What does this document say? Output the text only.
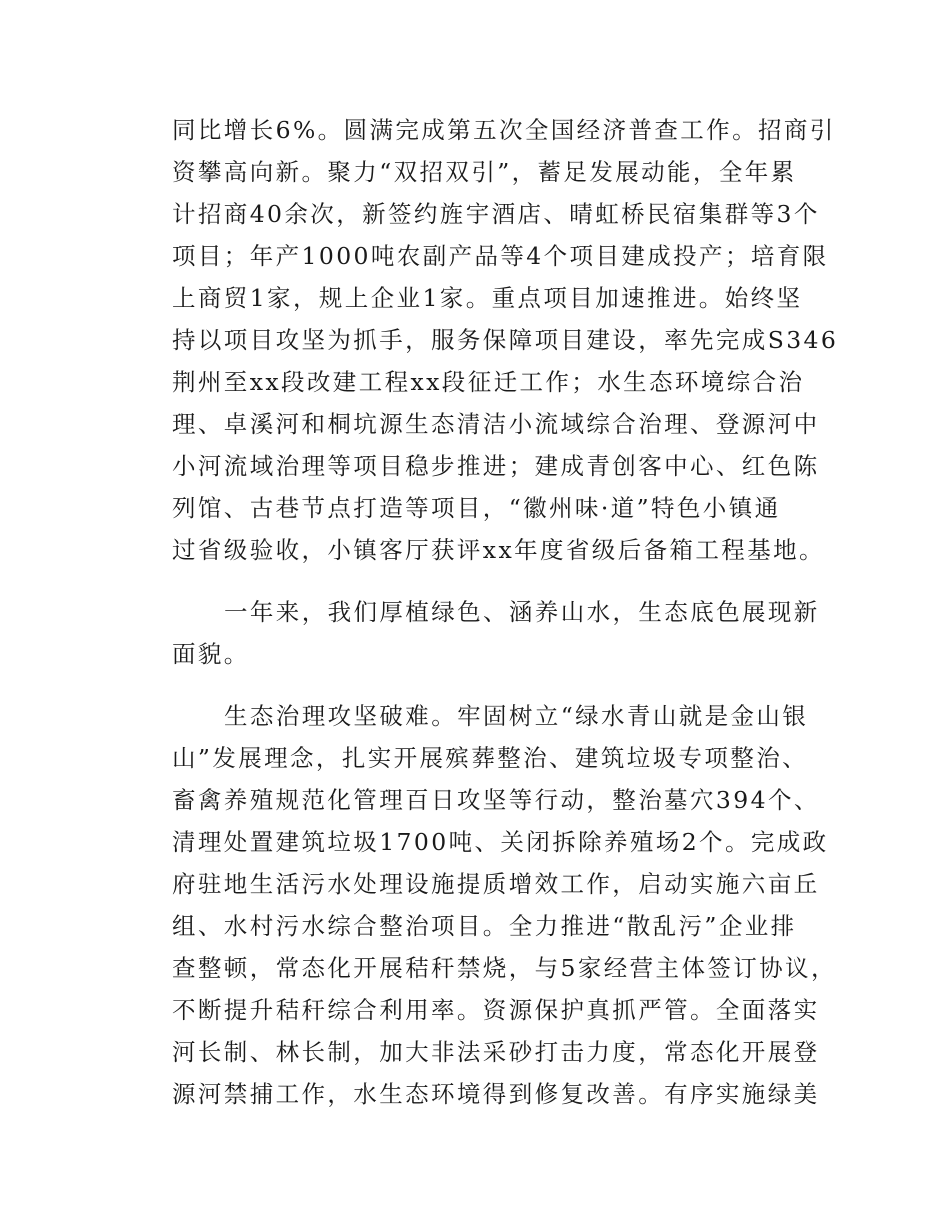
同比增长6%。圆满完成第五次全国经济普查工作。招商引
资攀高向新。聚力“双招双引”，蓄足发展动能，全年累
计招商40余次，新签约旌宇酒店、晴虹桥民宿集群等3个
项目；年产1000吨农副产品等4个项目建成投产；培育限
上商贸1家，规上企业1家。重点项目加速推进。始终坚
持以项目攻坚为抓手，服务保障项目建设，率先完成S346
荆州至xx段改建工程xx段征迁工作；水生态环境综合治
理、卓溪河和桐坑源生态清洁小流域综合治理、登源河中
小河流域治理等项目稳步推进；建成青创客中心、红色陈
列馆、古巷节点打造等项目，“徽州味·道”特色小镇通
过省级验收，小镇客厅获评xx年度省级后备箱工程基地。
一年来，我们厚植绿色、涵养山水，生态底色展现新
面貌。
生态治理攻坚破难。牢固树立“绿水青山就是金山银
山”发展理念，扎实开展殡葬整治、建筑垃圾专项整治、
畜禽养殖规范化管理百日攻坚等行动，整治墓穴394个、
清理处置建筑垃圾1700吨、关闭拆除养殖场2个。完成政
府驻地生活污水处理设施提质增效工作，启动实施六亩丘
组、水村污水综合整治项目。全力推进“散乱污”企业排
查整顿，常态化开展秸秆禁烧，与5家经营主体签订协议，
不断提升秸秆综合利用率。资源保护真抓严管。全面落实
河长制、林长制，加大非法采砂打击力度，常态化开展登
源河禁捕工作，水生态环境得到修复改善。有序实施绿美
